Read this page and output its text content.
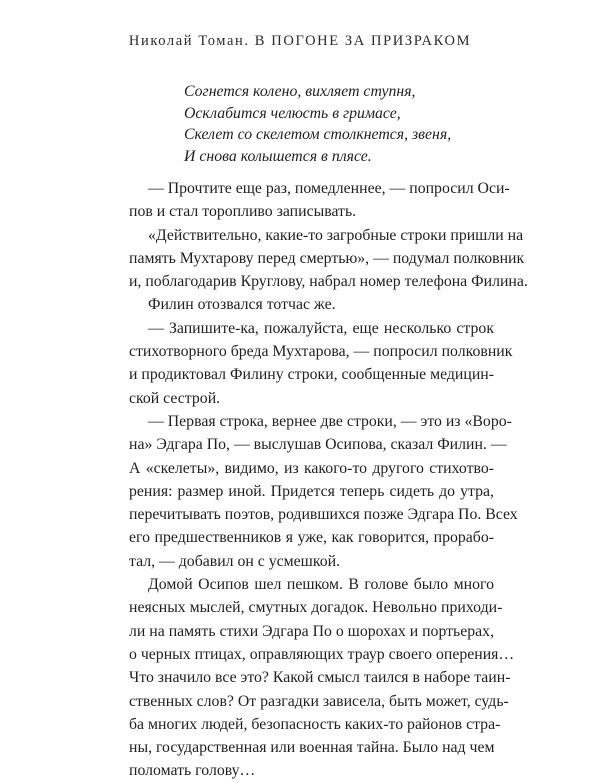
Николай Томан. В ПОГОНЕ ЗА ПРИЗРАКОМ
Согнется колено, вихляет ступня,
Осклабится челюсть в гримасе,
Скелет со скелетом столкнется, звеня,
И снова колышется в плясе.
— Прочтите еще раз, помедленнее, — попросил Оси-
пов и стал торопливо записывать.
«Действительно, какие-то загробные строки пришли на
память Мухтарову перед смертью», — подумал полковник
и, поблагодарив Круглову, набрал номер телефона Филина.
Филин отозвался тотчас же.
— Запишите-ка, пожалуйста, еще несколько строк
стихотворного бреда Мухтарова, — попросил полковник
и продиктовал Филину строки, сообщенные медицин-
ской сестрой.
— Первая строка, вернее две строки, — это из «Воро-
на» Эдгара По, — выслушав Осипова, сказал Филин. —
А «скелеты», видимо, из какого-то другого стихотво-
рения: размер иной. Придется теперь сидеть до утра,
перечитывать поэтов, родившихся позже Эдгара По. Всех
его предшественников я уже, как говорится, прорабо-
тал, — добавил он с усмешкой.
Домой Осипов шел пешком. В голове было много
неясных мыслей, смутных догадок. Невольно приходи-
ли на память стихи Эдгара По о шорохах и портьерах,
о черных птицах, оправляющих траур своего оперения…
Что значило все это? Какой смысл таился в наборе таин-
ственных слов? От разгадки зависела, быть может, судь-
ба многих людей, безопасность каких-то районов стра-
ны, государственная или военная тайна. Было над чем
поломать голову…
